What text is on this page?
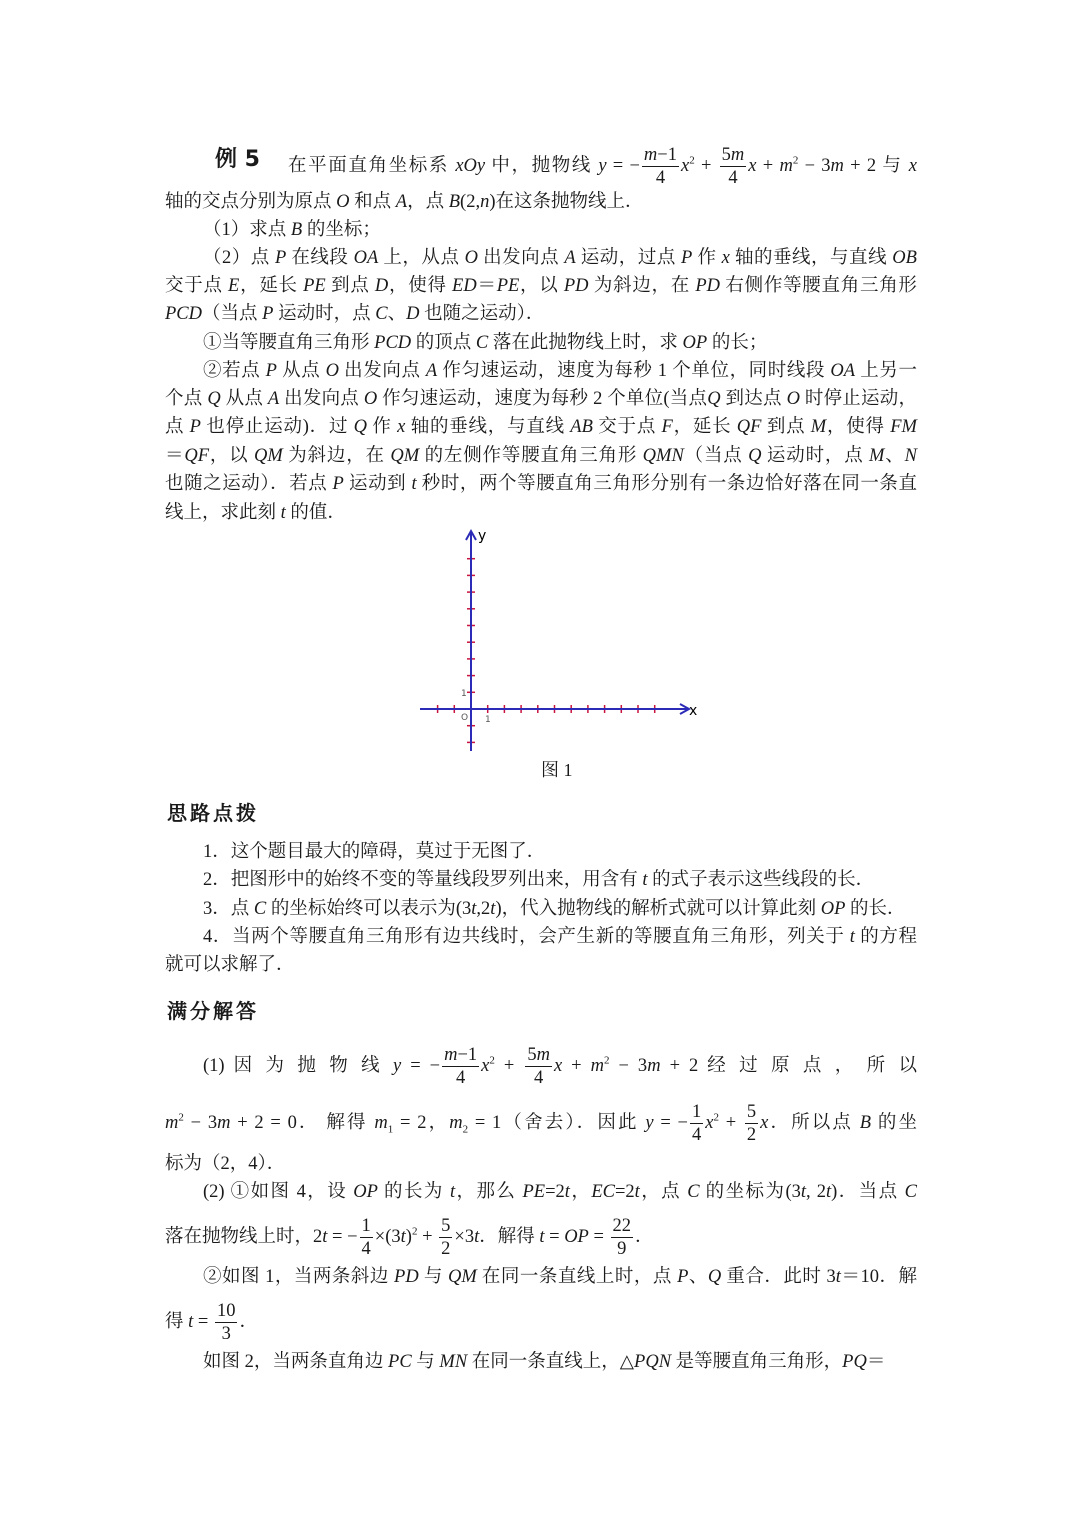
例 5 在平面直角坐标系 xOy 中，抛物线 y = − $\frac{m-1}{4} x^2 + \frac{5m}{4}$ $x + m^2 - 3m + 2$ 与 x
轴的交点分别为原点 O 和点 A，点 B(2,n)在这条抛物线上．
（1）求点 B 的坐标；
（2）点 P 在线段 OA 上，从点 O 出发向点 A 运动，过点 P 作 x 轴的垂线，与直线 OB
交于点 E，延长 PE 到点 D，使得 ED＝PE，以 PD 为斜边，在 PD 右侧作等腰直角三角形
PCD（当点 P 运动时，点 C、D 也随之运动）．
①当等腰直角三角形 PCD 的顶点 C 落在此抛物线上时，求 OP 的长；
②若点 P 从点 O 出发向点 A 作匀速运动，速度为每秒 1 个单位，同时线段 OA 上另一
个点 Q 从点 A 出发向点 O 作匀速运动，速度为每秒 2 个单位(当点Q 到达点 O 时停止运动，
点 P 也停止运动)．过 Q 作 x 轴的垂线，与直线 AB 交于点 F，延长 QF 到点 M，使得 FM
＝QF，以 QM 为斜边，在 QM 的左侧作等腰直角三角形 QMN（当点 Q 运动时，点 M、N
也随之运动）．若点 P 运动到 t 秒时，两个等腰直角三角形分别有一条边恰好落在同一条直
线上，求此刻 t 的值．
x
y
O 1
1
图 1
思路点拨
1．这个题目最大的障碍，莫过于无图了．
2．把图形中的始终不变的等量线段罗列出来，用含有 t 的式子表示这些线段的长．
3．点 C 的坐标始终可以表示为(3t,2t)，代入抛物线的解析式就可以计算此刻 OP 的长．
4．当两个等腰直角三角形有边共线时，会产生新的等腰直角三角形，列关于 t 的方程
就可以求解了．
满分解答
(1) 因 为 抛 物 线 y = − $\frac{m-1}{4} x^2 + \frac{5m}{4}$ $x + m^2 - 3m + 2$ 经 过 原 点 ， 所 以
$m^2 - 3m + 2 = 0$． 解得 $m_1 = 2$，$m_2 = 1$（舍去）．因此 y = − $\frac{1}{4} x^2 + \frac{5}{2}$ x．所以点 B 的坐
标为（2，4）．
(2) ①如图 4，设 OP 的长为 t，那么 PE=2t，EC=2t，点 C 的坐标为(3t, 2t)．当点 C
落在抛物线上时，2t = − $\frac{1}{4} \times(3t)^2 + \frac{5}{2} \times 3t$．解得 t = OP = $\frac{22}{9}$ ．
②如图 1，当两条斜边 PD 与 QM 在同一条直线上时，点 P、Q 重合．此时 3t＝10．解
得 $t = \frac{10}{3}$ ．
如图 2，当两条直角边 PC 与 MN 在同一条直线上，△PQN 是等腰直角三角形，PQ＝
